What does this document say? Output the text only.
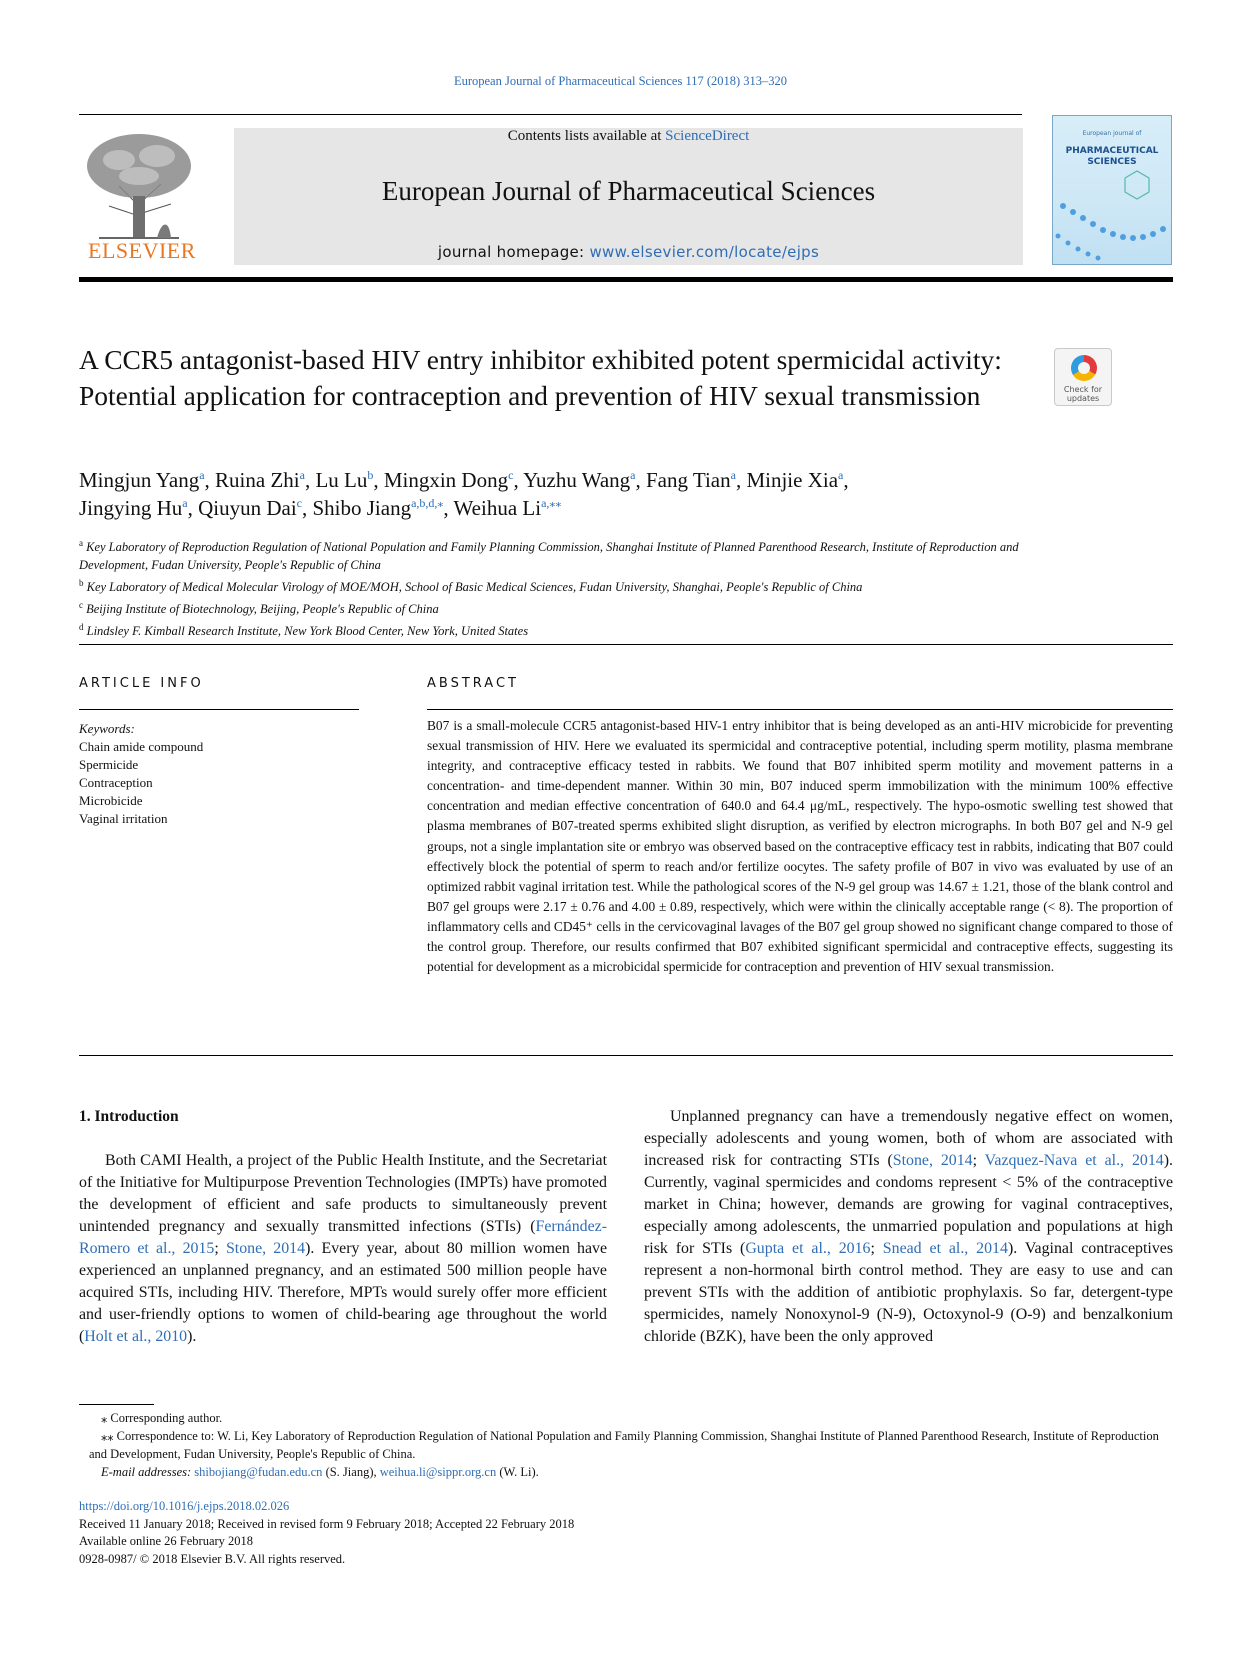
European Journal of Pharmaceutical Sciences 117 (2018) 313–320
ELSEVIER
Contents lists available at ScienceDirect
European Journal of Pharmaceutical Sciences
journal homepage: www.elsevier.com/locate/ejps
European journal of
PHARMACEUTICAL SCIENCES
A CCR5 antagonist-based HIV entry inhibitor exhibited potent spermicidal activity: Potential application for contraception and prevention of HIV sexual transmission	Check for updates
Mingjun Yang$^a$, Ruina Zhi$^a$, Lu Lu$^b$, Mingxin Dong$^c$, Yuzhu Wang$^a$, Fang Tian$^a$, Minjie Xia$^a$,
Jingying Hu$^a$, Qiuyun Dai$^c$, Shibo Jiang$^{a,b,d,⁎}$, Weihua $Li^{a,⁎⁎}$
$^a$ Key Laboratory of Reproduction Regulation of National Population and Family Planning Commission, Shanghai Institute of Planned Parenthood Research, Institute of Reproduction and Development, Fudan University, People's Republic of China
$^b$ Key Laboratory of Medical Molecular Virology of MOE/MOH, School of Basic Medical Sciences, Fudan University, Shanghai, People's Republic of China
$^c$ Beijing Institute of Biotechnology, Beijing, People's Republic of China
$^d$ Lindsley F. Kimball Research Institute, New York Blood Center, New York, United States
ARTICLE INFO
Keywords:
Chain amide compound
Spermicide
Contraception
Microbicide
Vaginal irritation
ABSTRACT
B07 is a small-molecule CCR5 antagonist-based HIV-1 entry inhibitor that is being developed as an anti-HIV microbicide for preventing sexual transmission of HIV. Here we evaluated its spermicidal and contraceptive potential, including sperm motility, plasma membrane integrity, and contraceptive efficacy tested in rabbits. We found that B07 inhibited sperm motility and movement patterns in a concentration- and time-dependent manner. Within 30 min, B07 induced sperm immobilization with the minimum 100% effective concentration and median effective concentration of 640.0 and 64.4 μg/mL, respectively. The hypo-osmotic swelling test showed that plasma membranes of B07-treated sperms exhibited slight disruption, as verified by electron micrographs. In both B07 gel and N-9 gel groups, not a single implantation site or embryo was observed based on the contraceptive efficacy test in rabbits, indicating that B07 could effectively block the potential of sperm to reach and/or fertilize oocytes. The safety profile of B07 in vivo was evaluated by use of an optimized rabbit vaginal irritation test. While the pathological scores of the N-9 gel group was 14.67 ± 1.21, those of the blank control and B07 gel groups were 2.17 ± 0.76 and 4.00 ± 0.89, respectively, which were within the clinically acceptable range (< 8). The proportion of inflammatory cells and CD45⁺ cells in the cervicovaginal lavages of the B07 gel group showed no significant change compared to those of the control group. Therefore, our results confirmed that B07 exhibited significant spermicidal and contraceptive effects, suggesting its potential for development as a microbicidal spermicide for contraception and prevention of HIV sexual transmission.
1. Introduction
Both CAMI Health, a project of the Public Health Institute, and the Secretariat of the Initiative for Multipurpose Prevention Technologies (IMPTs) have promoted the development of efficient and safe products to simultaneously prevent unintended pregnancy and sexually transmitted infections (STIs) (Fernández-Romero et al., 2015; Stone, 2014). Every year, about 80 million women have experienced an unplanned pregnancy, and an estimated 500 million people have acquired STIs, including HIV. Therefore, MPTs would surely offer more efficient and user-friendly options to women of child-bearing age throughout the world (Holt et al., 2010).
Unplanned pregnancy can have a tremendously negative effect on women, especially adolescents and young women, both of whom are associated with increased risk for contracting STIs (Stone, 2014; Vazquez-Nava et al., 2014). Currently, vaginal spermicides and condoms represent < 5% of the contraceptive market in China; however, demands are growing for vaginal contraceptives, especially among adolescents, the unmarried population and populations at high risk for STIs (Gupta et al., 2016; Snead et al., 2014). Vaginal contraceptives represent a non-hormonal birth control method. They are easy to use and can prevent STIs with the addition of antibiotic prophylaxis. So far, detergent-type spermicides, namely Nonoxynol-9 (N-9), Octoxynol-9 (O-9) and benzalkonium chloride (BZK), have been the only approved
⁎ Corresponding author.
⁎⁎ Correspondence to: W. Li, Key Laboratory of Reproduction Regulation of National Population and Family Planning Commission, Shanghai Institute of Planned Parenthood Research, Institute of Reproduction and Development, Fudan University, People's Republic of China.
E-mail addresses: shibojiang@fudan.edu.cn (S. Jiang), weihua.li@sippr.org.cn (W. Li).
https://doi.org/10.1016/j.ejps.2018.02.026
Received 11 January 2018; Received in revised form 9 February 2018; Accepted 22 February 2018
Available online 26 February 2018
0928-0987/ © 2018 Elsevier B.V. All rights reserved.
